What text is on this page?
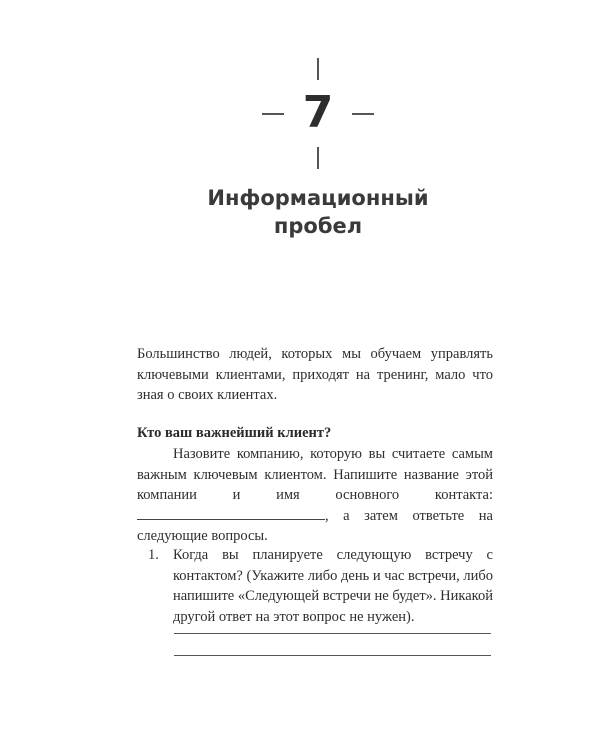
7
Информационный
пробел

Большинство людей, которых мы обучаем управлять ключевыми клиентами, приходят на тренинг, мало что зная о своих клиентах.

Кто ваш важнейший клиент?

Назовите компанию, которую вы считаете самым важным ключевым клиентом. Напишите название этой компании и имя основного контакта: , а затем ответьте на следующие вопросы.

1. Когда вы планируете следующую встречу с контактом? (Укажите либо день и час встречи, либо напишите «Следующей встречи не будет». Никакой другой ответ на этот вопрос не нужен).
